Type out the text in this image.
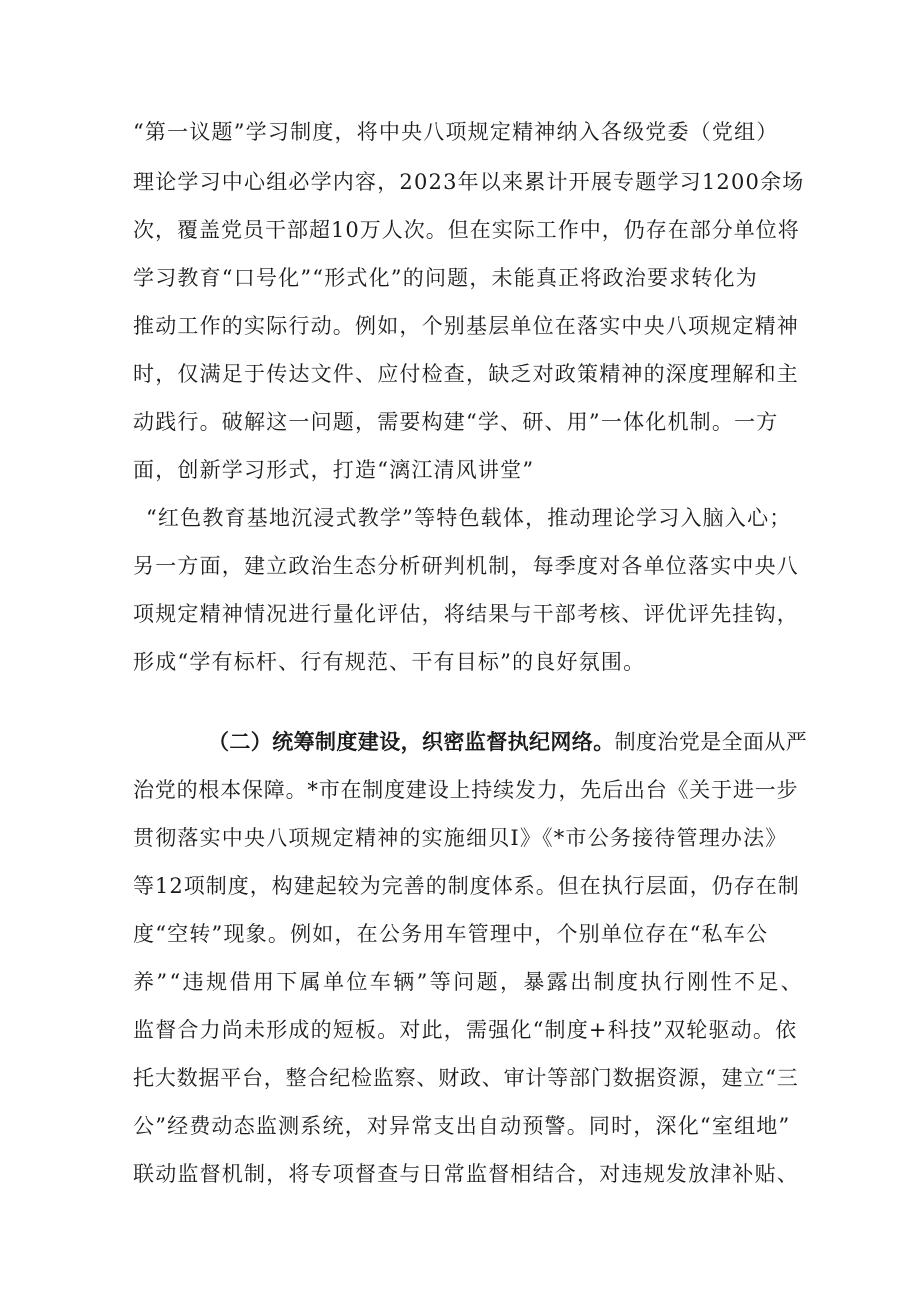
“第一议题”学习制度，将中央八项规定精神纳入各级党委（党组）
理论学习中心组必学内容，2023年以来累计开展专题学习1200余场
次，覆盖党员干部超10万人次。但在实际工作中，仍存在部分单位将
学习教育“口号化”“形式化”的问题，未能真正将政治要求转化为
推动工作的实际行动。例如，个别基层单位在落实中央八项规定精神
时，仅满足于传达文件、应付检查，缺乏对政策精神的深度理解和主
动践行。破解这一问题，需要构建“学、研、用”一体化机制。一方
面，创新学习形式，打造“漓江清风讲堂”
“红色教育基地沉浸式教学”等特色载体，推动理论学习入脑入心；
另一方面，建立政治生态分析研判机制，每季度对各单位落实中央八
项规定精神情况进行量化评估，将结果与干部考核、评优评先挂钩，
形成“学有标杆、行有规范、干有目标”的良好氛围。
（二）统筹制度建设，织密监督执纪网络。制度治党是全面从严
治党的根本保障。*市在制度建设上持续发力，先后出台《关于进一步
贯彻落实中央八项规定精神的实施细贝I》《*市公务接待管理办法》
等12项制度，构建起较为完善的制度体系。但在执行层面，仍存在制
度“空转”现象。例如，在公务用车管理中，个别单位存在“私车公
养”“违规借用下属单位车辆”等问题，暴露出制度执行刚性不足、
监督合力尚未形成的短板。对此，需强化“制度+科技”双轮驱动。依
托大数据平台，整合纪检监察、财政、审计等部门数据资源，建立“三
公”经费动态监测系统，对异常支出自动预警。同时，深化“室组地”
联动监督机制，将专项督查与日常监督相结合，对违规发放津补贴、
